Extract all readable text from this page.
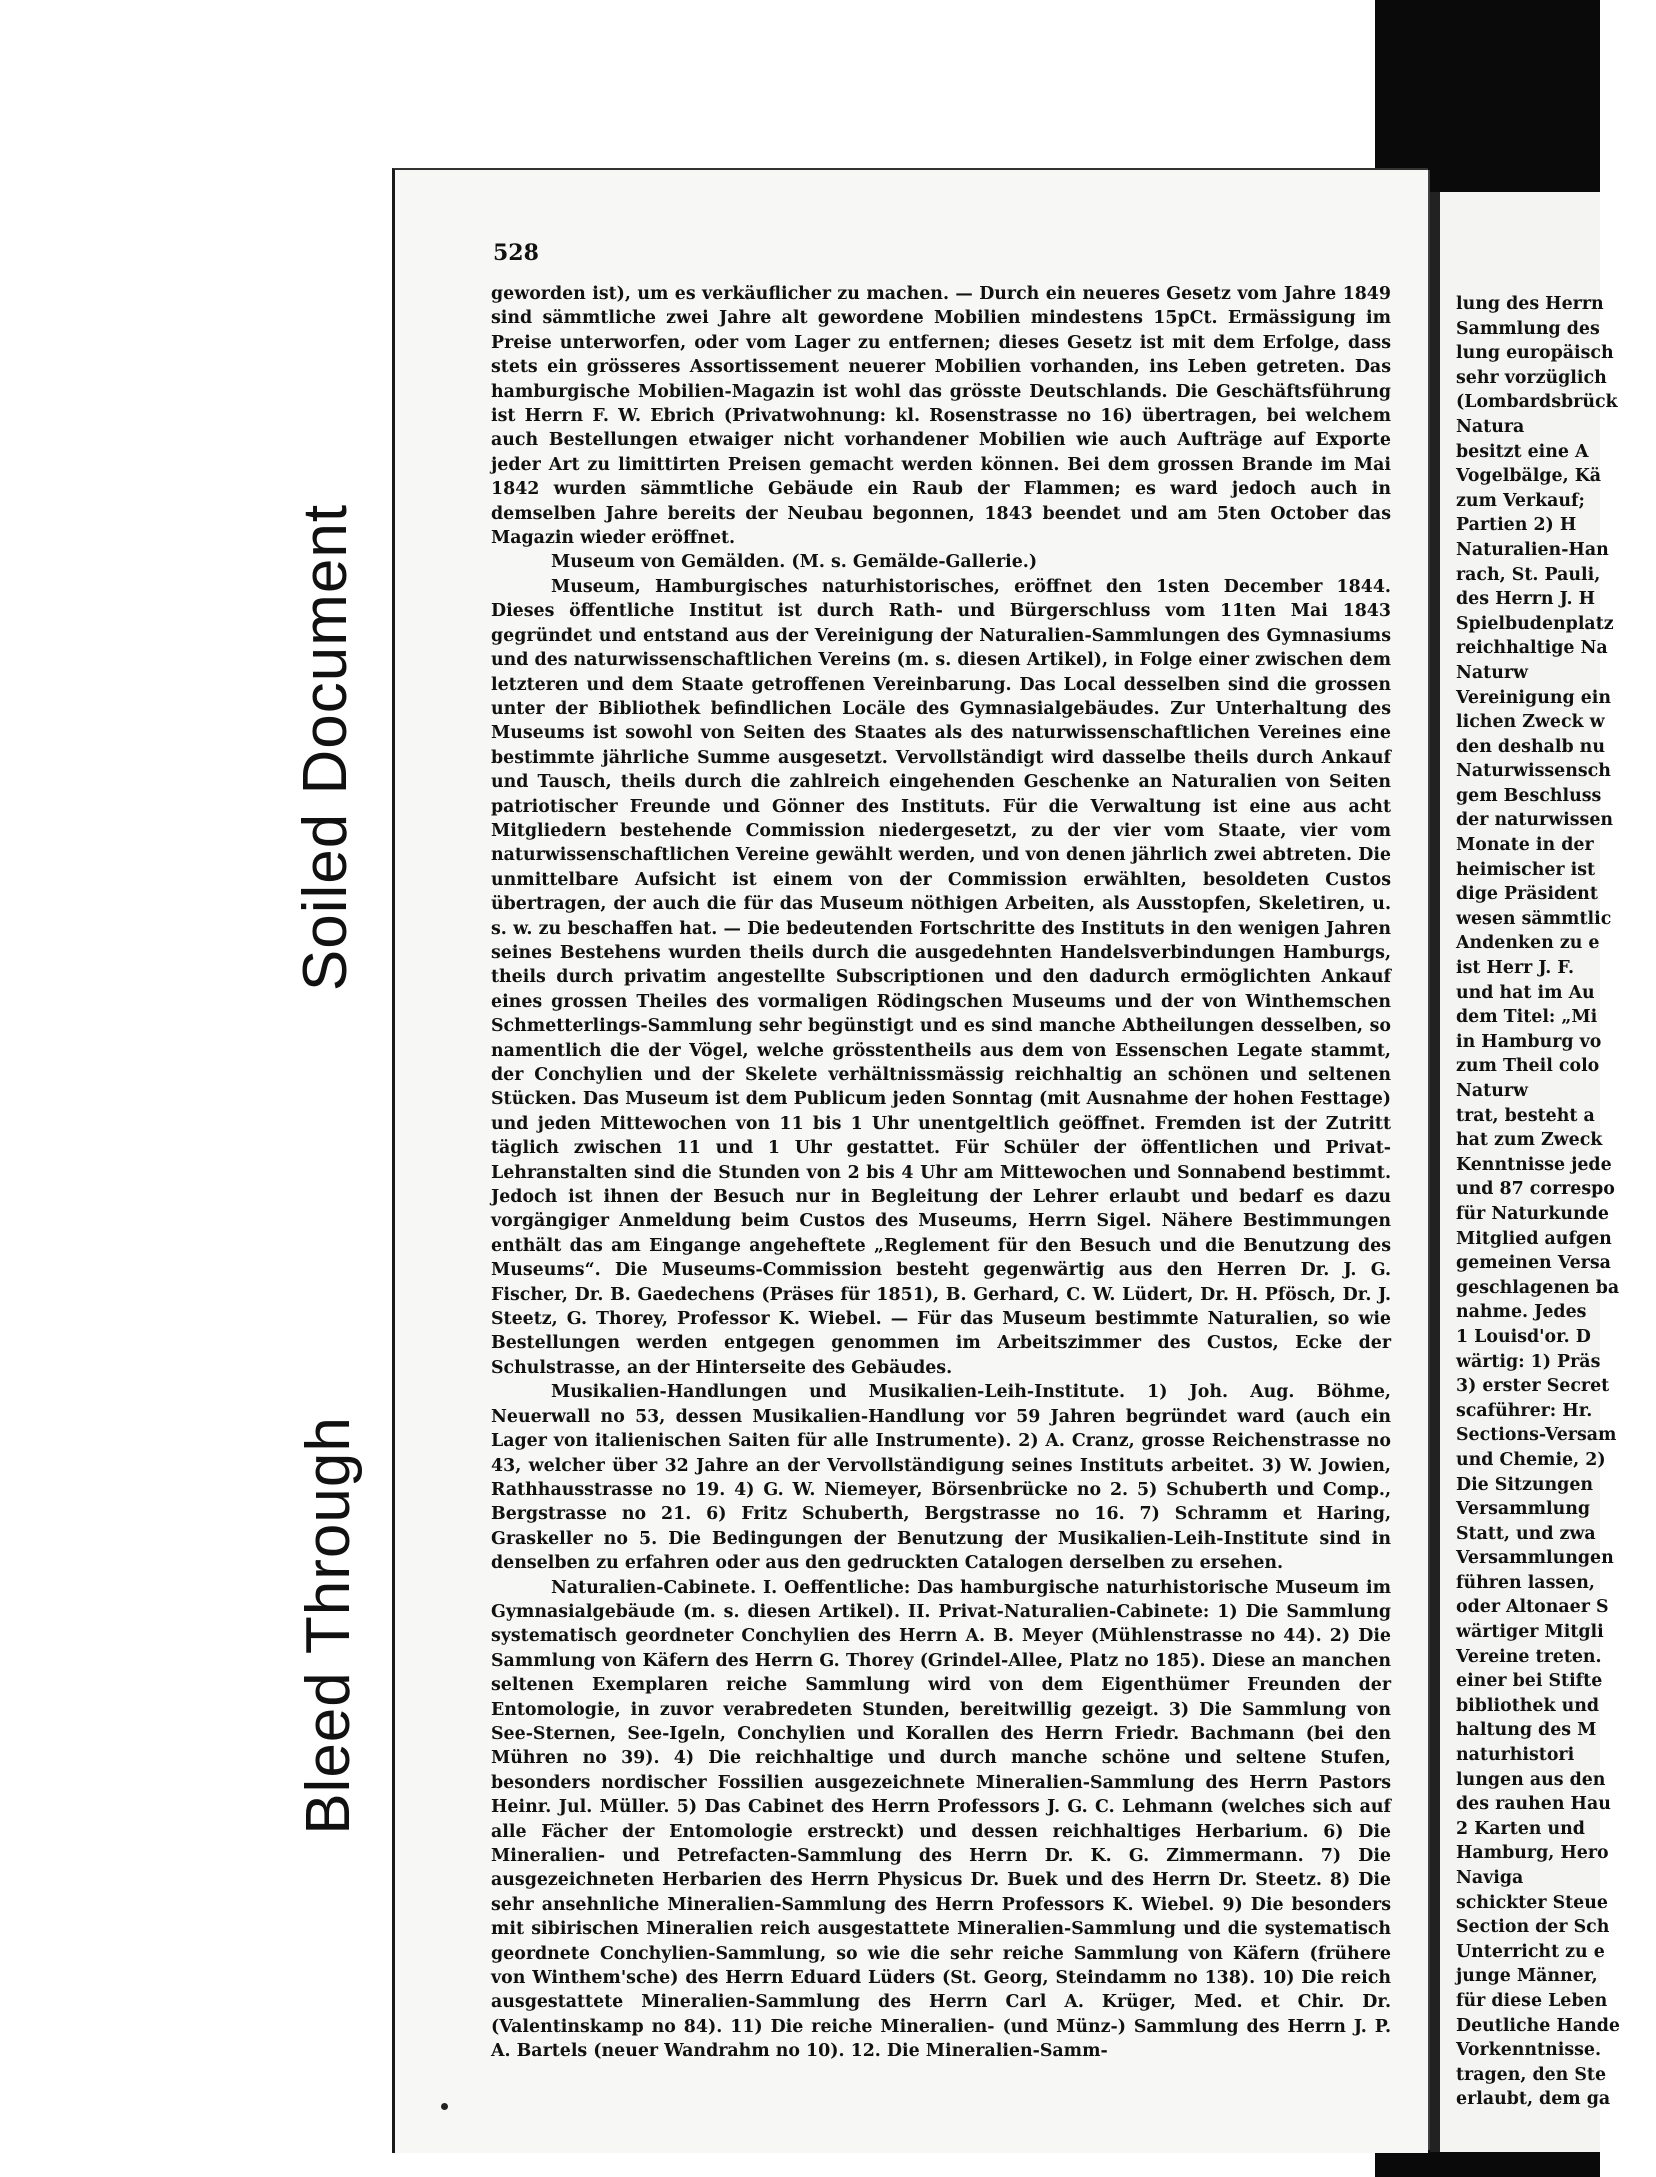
Soiled Document
Bleed Through
528

geworden ist), um es verkäuflicher zu machen. — Durch ein neueres Gesetz vom Jahre 1849 sind sämmtliche zwei Jahre alt gewordene Mobilien mindestens 15pCt. Ermässigung im Preise unterworfen, oder vom Lager zu entfernen; dieses Gesetz ist mit dem Erfolge, dass stets ein grösseres Assortissement neuerer Mobilien vorhanden, ins Leben getreten. Das hamburgische Mobilien-Magazin ist wohl das grösste Deutschlands. Die Geschäftsführung ist Herrn F. W. Ebrich (Privatwohnung: kl. Rosenstrasse no 16) übertragen, bei welchem auch Bestellungen etwaiger nicht vorhandener Mobilien wie auch Aufträge auf Exporte jeder Art zu limittirten Preisen gemacht werden können. Bei dem grossen Brande im Mai 1842 wurden sämmtliche Gebäude ein Raub der Flammen; es ward jedoch auch in demselben Jahre bereits der Neubau begonnen, 1843 beendet und am 5ten October das Magazin wieder eröffnet.

Museum von Gemälden. (M. s. Gemälde-Gallerie.)

Museum, Hamburgisches naturhistorisches, eröffnet den 1sten December 1844. Dieses öffentliche Institut ist durch Rath- und Bürgerschluss vom 11ten Mai 1843 gegründet und entstand aus der Vereinigung der Naturalien-Sammlungen des Gymnasiums und des naturwissenschaftlichen Vereins (m. s. diesen Artikel), in Folge einer zwischen dem letzteren und dem Staate getroffenen Vereinbarung. Das Local desselben sind die grossen unter der Bibliothek befindlichen Locäle des Gymnasialgebäudes. Zur Unterhaltung des Museums ist sowohl von Seiten des Staates als des naturwissenschaftlichen Vereines eine bestimmte jährliche Summe ausgesetzt. Vervollständigt wird dasselbe theils durch Ankauf und Tausch, theils durch die zahlreich eingehenden Geschenke an Naturalien von Seiten patriotischer Freunde und Gönner des Instituts. Für die Verwaltung ist eine aus acht Mitgliedern bestehende Commission niedergesetzt, zu der vier vom Staate, vier vom naturwissenschaftlichen Vereine gewählt werden, und von denen jährlich zwei abtreten. Die unmittelbare Aufsicht ist einem von der Commission erwählten, besoldeten Custos übertragen, der auch die für das Museum nöthigen Arbeiten, als Ausstopfen, Skeletiren, u. s. w. zu beschaffen hat. — Die bedeutenden Fortschritte des Instituts in den wenigen Jahren seines Bestehens wurden theils durch die ausgedehnten Handelsverbindungen Hamburgs, theils durch privatim angestellte Subscriptionen und den dadurch ermöglichten Ankauf eines grossen Theiles des vormaligen Rödingschen Museums und der von Winthemschen Schmetterlings-Sammlung sehr begünstigt und es sind manche Abtheilungen desselben, so namentlich die der Vögel, welche grösstentheils aus dem von Essenschen Legate stammt, der Conchylien und der Skelete verhältnissmässig reichhaltig an schönen und seltenen Stücken. Das Museum ist dem Publicum jeden Sonntag (mit Ausnahme der hohen Festtage) und jeden Mittewochen von 11 bis 1 Uhr unentgeltlich geöffnet. Fremden ist der Zutritt täglich zwischen 11 und 1 Uhr gestattet. Für Schüler der öffentlichen und Privat-Lehranstalten sind die Stunden von 2 bis 4 Uhr am Mittewochen und Sonnabend bestimmt. Jedoch ist ihnen der Besuch nur in Begleitung der Lehrer erlaubt und bedarf es dazu vorgängiger Anmeldung beim Custos des Museums, Herrn Sigel. Nähere Bestimmungen enthält das am Eingange angeheftete „Reglement für den Besuch und die Benutzung des Museums“. Die Museums-Commission besteht gegenwärtig aus den Herren Dr. J. G. Fischer, Dr. B. Gaedechens (Präses für 1851), B. Gerhard, C. W. Lüdert, Dr. H. Pfösch, Dr. J. Steetz, G. Thorey, Professor K. Wiebel. — Für das Museum bestimmte Naturalien, so wie Bestellungen werden entgegen genommen im Arbeitszimmer des Custos, Ecke der Schulstrasse, an der Hinterseite des Gebäudes.

Musikalien-Handlungen und Musikalien-Leih-Institute. 1) Joh. Aug. Böhme, Neuerwall no 53, dessen Musikalien-Handlung vor 59 Jahren begründet ward (auch ein Lager von italienischen Saiten für alle Instrumente). 2) A. Cranz, grosse Reichenstrasse no 43, welcher über 32 Jahre an der Vervollständigung seines Instituts arbeitet. 3) W. Jowien, Rathhausstrasse no 19. 4) G. W. Niemeyer, Börsenbrücke no 2. 5) Schuberth und Comp., Bergstrasse no 21. 6) Fritz Schuberth, Bergstrasse no 16. 7) Schramm et Haring, Graskeller no 5. Die Bedingungen der Benutzung der Musikalien-Leih-Institute sind in denselben zu erfahren oder aus den gedruckten Catalogen derselben zu ersehen.

Naturalien-Cabinete. I. Oeffentliche: Das hamburgische naturhistorische Museum im Gymnasialgebäude (m. s. diesen Artikel). II. Privat-Naturalien-Cabinete: 1) Die Sammlung systematisch geordneter Conchylien des Herrn A. B. Meyer (Mühlenstrasse no 44). 2) Die Sammlung von Käfern des Herrn G. Thorey (Grindel-Allee, Platz no 185). Diese an manchen seltenen Exemplaren reiche Sammlung wird von dem Eigenthümer Freunden der Entomologie, in zuvor verabredeten Stunden, bereitwillig gezeigt. 3) Die Sammlung von See-Sternen, See-Igeln, Conchylien und Korallen des Herrn Friedr. Bachmann (bei den Mühren no 39). 4) Die reichhaltige und durch manche schöne und seltene Stufen, besonders nordischer Fossilien ausgezeichnete Mineralien-Sammlung des Herrn Pastors Heinr. Jul. Müller. 5) Das Cabinet des Herrn Professors J. G. C. Lehmann (welches sich auf alle Fächer der Entomologie erstreckt) und dessen reichhaltiges Herbarium. 6) Die Mineralien- und Petrefacten-Sammlung des Herrn Dr. K. G. Zimmermann. 7) Die ausgezeichneten Herbarien des Herrn Physicus Dr. Buek und des Herrn Dr. Steetz. 8) Die sehr ansehnliche Mineralien-Sammlung des Herrn Professors K. Wiebel. 9) Die besonders mit sibirischen Mineralien reich ausgestattete Mineralien-Sammlung und die systematisch geordnete Conchylien-Sammlung, so wie die sehr reiche Sammlung von Käfern (frühere von Winthem'sche) des Herrn Eduard Lüders (St. Georg, Steindamm no 138). 10) Die reich ausgestattete Mineralien-Sammlung des Herrn Carl A. Krüger, Med. et Chir. Dr. (Valentinskamp no 84). 11) Die reiche Mineralien- (und Münz-) Sammlung des Herrn J. P. A. Bartels (neuer Wandrahm no 10). 12. Die Mineralien-Samm-

lung des Herrn
Sammlung des
lung europäisch
sehr vorzüglich
(Lombardsbrück
Natura
besitzt eine A
Vogelbälge, Kä
zum Verkauf;
Partien 2) H
Naturalien-Han
rach, St. Pauli,
des Herrn J. H
Spielbudenplatz
reichhaltige Na
Naturw
Vereinigung ein
lichen Zweck w
den deshalb nu
Naturwissensch
gem Beschluss
der naturwissen
Monate in der
heimischer ist
dige Präsident
wesen sämmtlic
Andenken zu e
ist Herr J. F.
und hat im Au
dem Titel: „Mi
in Hamburg vo
zum Theil colo
Naturw
trat, besteht a
hat zum Zweck
Kenntnisse jede
und 87 correspo
für Naturkunde
Mitglied aufgen
gemeinen Versa
geschlagenen ba
nahme. Jedes
1 Louisd'or. D
wärtig: 1) Präs
3) erster Secret
scaführer: Hr.
Sections-Versam
und Chemie, 2)
Die Sitzungen
Versammlung
Statt, und zwa
Versammlungen
führen lassen,
oder Altonaer S
wärtiger Mitgli
Vereine treten.
einer bei Stifte
bibliothek und
haltung des M
naturhistori
lungen aus den
des rauhen Hau
2 Karten und
Hamburg, Hero
Naviga
schickter Steue
Section der Sch
Unterricht zu e
junge Männer,
für diese Leben
Deutliche Hande
Vorkenntnisse.
tragen, den Ste
erlaubt, dem ga
